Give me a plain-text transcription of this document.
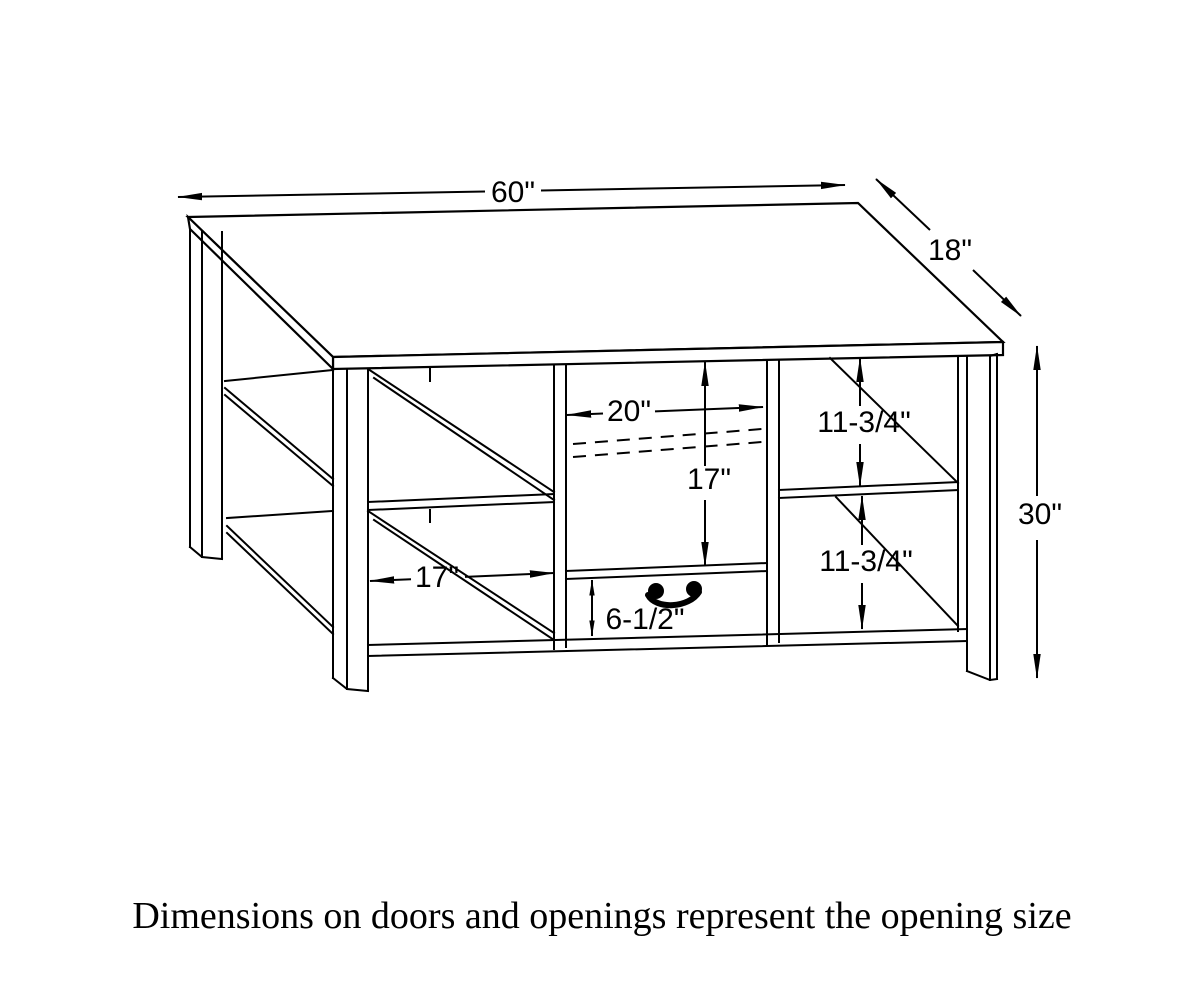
60"
18"
30"
20"
17"
17"
11-3/4"
11-3/4"
6-1/2"
Dimensions on doors and openings represent the opening size
